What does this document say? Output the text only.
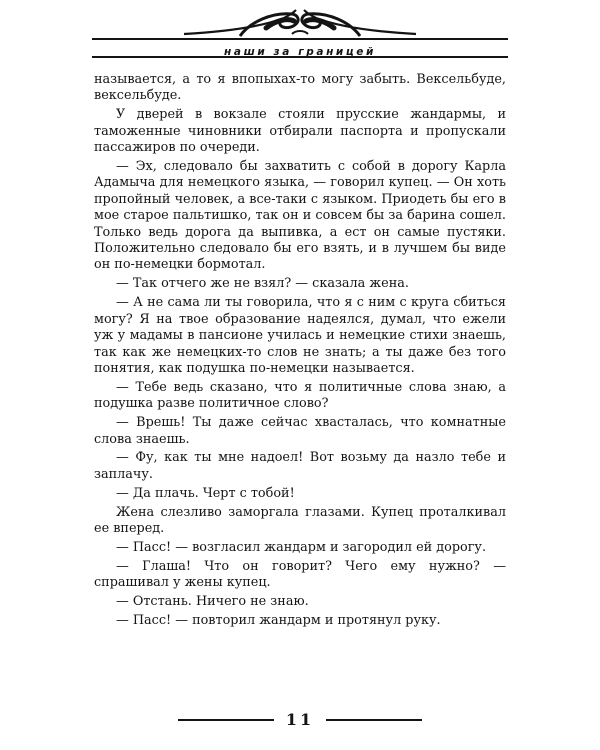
наши за границей

называется, а то я впопыхах-то могу забыть. Вексельбуде, вексельбуде.

У дверей в вокзале стояли прусские жандармы, и таможенные чиновники отбирали паспорта и пропускали пассажиров по очереди.

— Эх, следовало бы захватить с собой в дорогу Карла Адамыча для немецкого языка, — говорил купец. — Он хоть пропойный человек, а все-таки с языком. Приодеть бы его в мое старое пальтишко, так он и совсем бы за барина сошел. Только ведь дорога да выпивка, а ест он самые пустяки. Положительно следовало бы его взять, и в лучшем бы виде он по-немецки бормотал.

— Так отчего же не взял? — сказала жена.

— А не сама ли ты говорила, что я с ним с круга сбиться могу? Я на твое образование надеялся, думал, что ежели уж у мадамы в пансионе училась и немецкие стихи знаешь, так как же немецких-то слов не знать; а ты даже без того понятия, как подушка по-немецки называется.

— Тебе ведь сказано, что я политичные слова знаю, а подушка разве политичное слово?

— Врешь! Ты даже сейчас хвасталась, что комнатные слова знаешь.

— Фу, как ты мне надоел! Вот возьму да назло тебе и заплачу.

— Да плачь. Черт с тобой!

Жена слезливо заморгала глазами. Купец проталкивал ее вперед.

— Пасс! — возгласил жандарм и загородил ей дорогу.

— Глаша! Что он говорит? Чего ему нужно? — спрашивал у жены купец.

— Отстань. Ничего не знаю.

— Пасс! — повторил жандарм и протянул руку.

11
